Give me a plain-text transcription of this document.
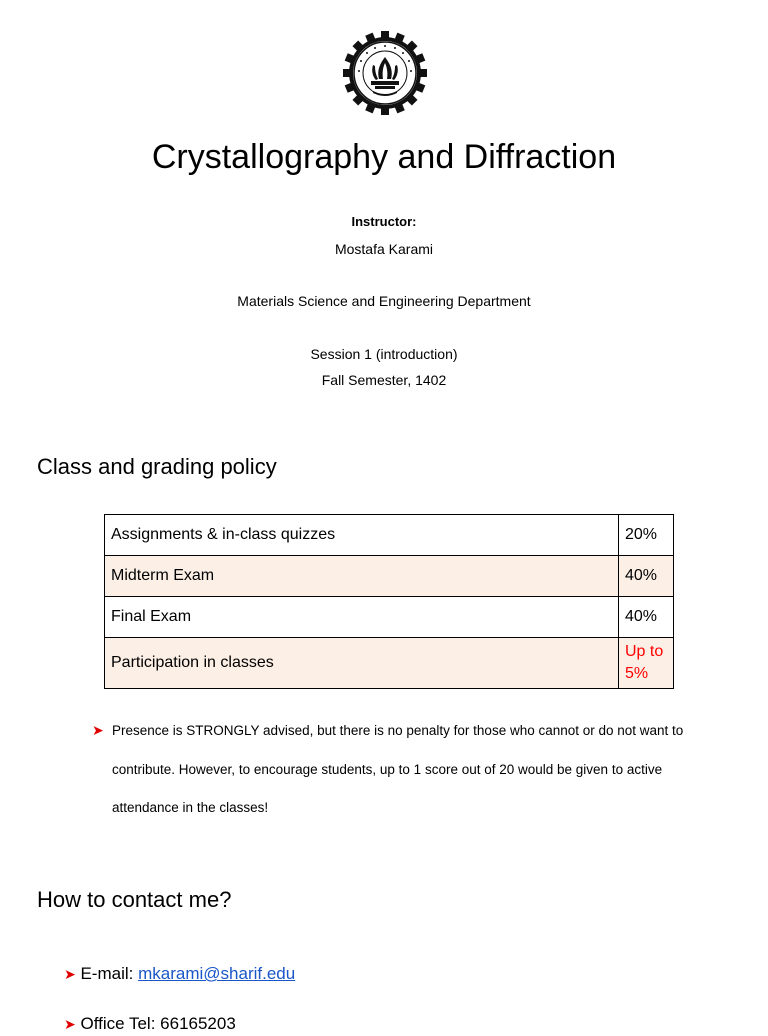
Crystallography and Diffraction
Instructor:
Mostafa Karami
Materials Science and Engineering Department
Session 1 (introduction)
Fall Semester, 1402
Class and grading policy
Assignments & in-class quizzes	20%
Midterm Exam	40%
Final Exam	40%
Participation in classes	Up to 5%
➤ Presence is STRONGLY advised, but there is no penalty for those who cannot or do not want to contribute. However, to encourage students, up to 1 score out of 20 would be given to active attendance in the classes!
How to contact me?
➤ E-mail: mkarami@sharif.edu
➤ Office Tel: 66165203
